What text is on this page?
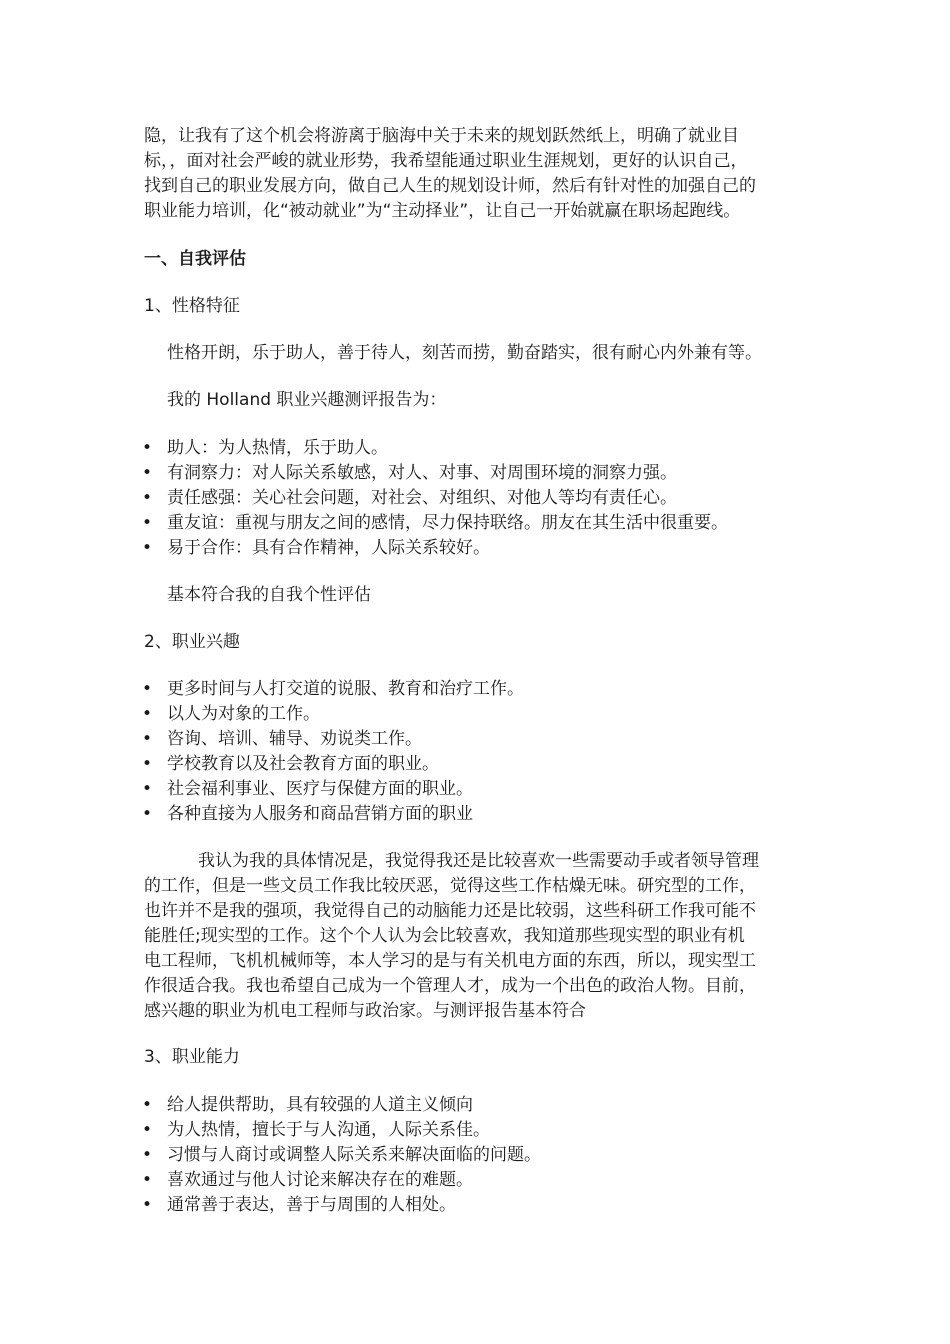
隐，让我有了这个机会将游离于脑海中关于未来的规划跃然纸上，明确了就业目
标，，面对社会严峻的就业形势，我希望能通过职业生涯规划，更好的认识自己，
找到自己的职业发展方向，做自己人生的规划设计师，然后有针对性的加强自己的
职业能力培训，化“被动就业”为“主动择业”，让自己一开始就赢在职场起跑线。
一、自我评估
1、性格特征
性格开朗，乐于助人，善于待人，刻苦而捞，勤奋踏实，很有耐心内外兼有等。
我的 Holland 职业兴趣测评报告为：
• 助人：为人热情，乐于助人。
• 有洞察力：对人际关系敏感，对人、对事、对周围环境的洞察力强。
• 责任感强：关心社会问题，对社会、对组织、对他人等均有责任心。
• 重友谊：重视与朋友之间的感情，尽力保持联络。朋友在其生活中很重要。
• 易于合作：具有合作精神，人际关系较好。
基本符合我的自我个性评估
2、职业兴趣
• 更多时间与人打交道的说服、教育和治疗工作。
• 以人为对象的工作。
• 咨询、培训、辅导、劝说类工作。
• 学校教育以及社会教育方面的职业。
• 社会福利事业、医疗与保健方面的职业。
• 各种直接为人服务和商品营销方面的职业
我认为我的具体情况是，我觉得我还是比较喜欢一些需要动手或者领导管理
的工作，但是一些文员工作我比较厌恶，觉得这些工作枯燥无味。研究型的工作，
也许并不是我的强项，我觉得自己的动脑能力还是比较弱，这些科研工作我可能不
能胜任;现实型的工作。这个个人认为会比较喜欢，我知道那些现实型的职业有机
电工程师，飞机机械师等，本人学习的是与有关机电方面的东西，所以，现实型工
作很适合我。我也希望自己成为一个管理人才，成为一个出色的政治人物。目前，
感兴趣的职业为机电工程师与政治家。与测评报告基本符合
3、职业能力
• 给人提供帮助，具有较强的人道主义倾向
• 为人热情，擅长于与人沟通，人际关系佳。
• 习惯与人商讨或调整人际关系来解决面临的问题。
• 喜欢通过与他人讨论来解决存在的难题。
• 通常善于表达，善于与周围的人相处。
